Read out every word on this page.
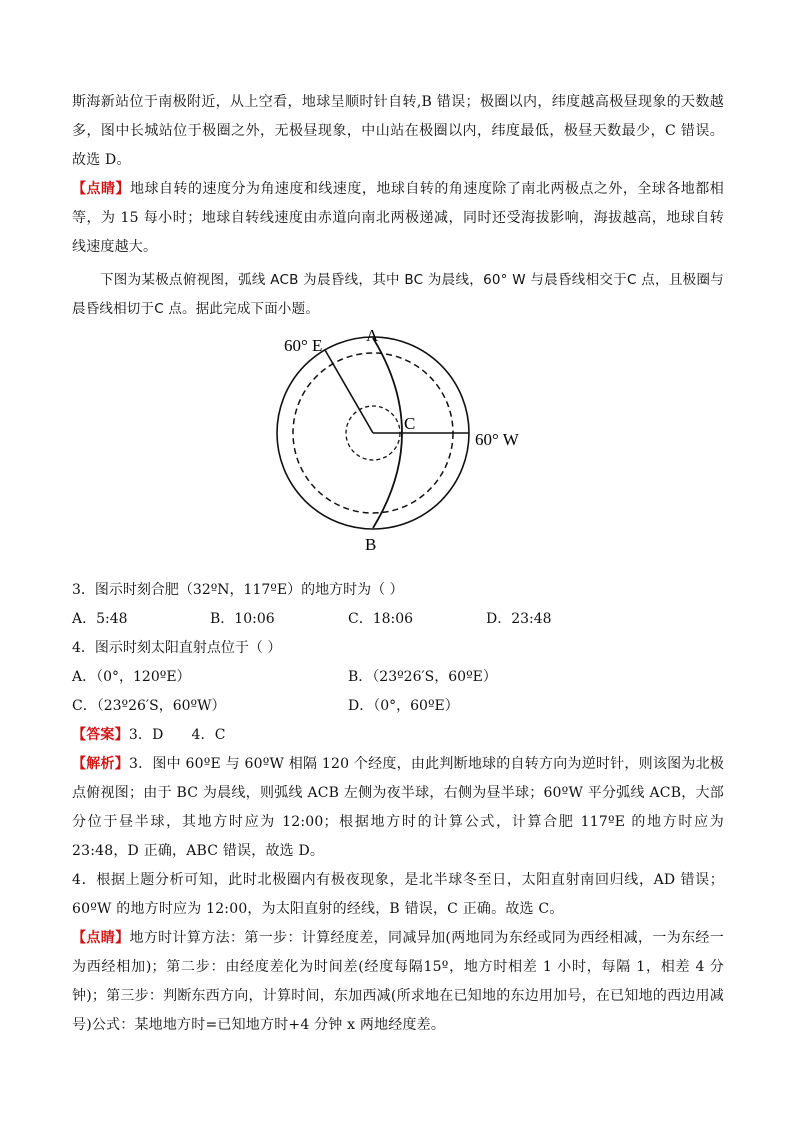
斯海新站位于南极附近，从上空看，地球呈顺时针自转,B 错误；极圈以内，纬度越高极昼现象的天数越多，图中长城站位于极圈之外，无极昼现象，中山站在极圈以内，纬度最低，极昼天数最少，C 错误。故选 D。

【点睛】地球自转的速度分为角速度和线速度，地球自转的角速度除了南北两极点之外，全球各地都相等，为 15 每小时；地球自转线速度由赤道向南北两极递减，同时还受海拔影响，海拔越高，地球自转线速度越大。

下图为某极点俯视图，弧线 ACB 为晨昏线，其中 BC 为晨线，60° W 与晨昏线相交于C 点，且极圈与晨昏线相切于C 点。据此完成下面小题。

60° E
A
C
60° W
B

3．图示时刻合肥（32ºN，117ºE）的地方时为（ ）

A．5:48	B．10:06	C．18:06	D．23:48

4．图示时刻太阳直射点位于（ ）

A．（0°，120ºE）	B．（23º26′S，60ºE）
C．（23º26′S，60ºW）	D．（0°，60ºE）

【答案】3．D      4．C

【解析】3．图中 60ºE 与 60ºW 相隔 120 个经度，由此判断地球的自转方向为逆时针，则该图为北极点俯视图；由于 BC 为晨线，则弧线 ACB 左侧为夜半球，右侧为昼半球；60ºW 平分弧线 ACB，大部分位于昼半球，其地方时应为 12:00；根据地方时的计算公式，计算合肥 117ºE 的地方时应为 23:48，D 正确，ABC 错误，故选 D。

4．根据上题分析可知，此时北极圈内有极夜现象，是北半球冬至日，太阳直射南回归线，AD 错误；60ºW 的地方时应为 12:00，为太阳直射的经线，B 错误，C 正确。故选 C。

【点睛】地方时计算方法：第一步：计算经度差，同减异加(两地同为东经或同为西经相减，一为东经一为西经相加)；第二步：由经度差化为时间差(经度每隔15º，地方时相差 1 小时，每隔 1，相差 4 分钟)；第三步：判断东西方向，计算时间，东加西减(所求地在已知地的东边用加号，在已知地的西边用减号)公式：某地地方时=已知地方时+4 分钟 x 两地经度差。
